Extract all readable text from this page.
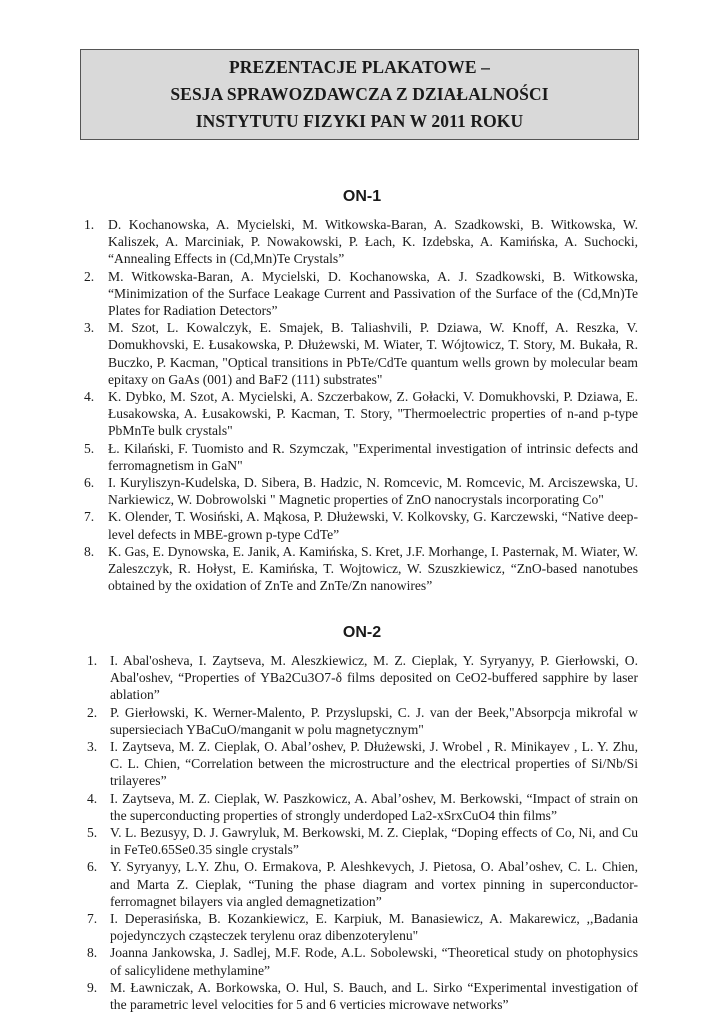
PREZENTACJE PLAKATOWE –
SESJA SPRAWOZDAWCZA Z DZIAŁALNOŚCI
INSTYTUTU FIZYKI PAN W 2011 ROKU
ON-1
1. D. Kochanowska, A. Mycielski, M. Witkowska-Baran, A. Szadkowski, B. Witkowska, W. Kaliszek, A. Marciniak, P. Nowakowski, P. Łach, K. Izdebska, A. Kamińska, A. Suchocki, “Annealing Effects in (Cd,Mn)Te Crystals”
2. M. Witkowska-Baran, A. Mycielski, D. Kochanowska, A. J. Szadkowski, B. Witkowska, “Minimization of the Surface Leakage Current and Passivation of the Surface of the (Cd,Mn)Te Plates for Radiation Detectors”
3. M. Szot, L. Kowalczyk, E. Smajek, B. Taliashvili, P. Dziawa, W. Knoff, A. Reszka, V. Domukhovski, E. Łusakowska, P. Dłużewski, M. Wiater, T. Wójtowicz, T. Story, M. Bukała, R. Buczko, P. Kacman, "Optical transitions in PbTe/CdTe quantum wells grown by molecular beam epitaxy on GaAs (001) and BaF2 (111) substrates"
4. K. Dybko, M. Szot, A. Mycielski, A. Szczerbakow, Z. Gołacki, V. Domukhovski, P. Dziawa, E. Łusakowska, A. Łusakowski, P. Kacman, T. Story, "Thermoelectric properties of n-and p-type PbMnTe bulk crystals"
5. Ł. Kilański, F. Tuomisto and R. Szymczak, "Experimental investigation of intrinsic defects and ferromagnetism in GaN"
6. I. Kuryliszyn-Kudelska, D. Sibera, B. Hadzic, N. Romcevic, M. Romcevic, M. Arciszewska, U. Narkiewicz, W. Dobrowolski " Magnetic properties of ZnO nanocrystals incorporating Co"
7. K. Olender, T. Wosiński, A. Mąkosa, P. Dłużewski, V. Kolkovsky, G. Karczewski, “Native deep-level defects in MBE-grown p-type CdTe”
8. K. Gas, E. Dynowska, E. Janik, A. Kamińska, S. Kret, J.F. Morhange, I. Pasternak, M. Wiater, W. Zaleszczyk, R. Hołyst, E. Kamińska, T. Wojtowicz, W. Szuszkiewicz, “ZnO-based nanotubes obtained by the oxidation of ZnTe and ZnTe/Zn nanowires”
ON-2
1. I. Abal'osheva, I. Zaytseva, M. Aleszkiewicz, M. Z. Cieplak, Y. Syryanyy, P. Gierłowski, O. Abal'oshev, “Properties of YBa2Cu3O7-δ films deposited on CeO2-buffered sapphire by laser ablation”
2. P. Gierłowski, K. Werner-Malento, P. Przyslupski, C. J. van der Beek,"Absorpcja mikrofal w supersieciach YBaCuO/manganit w polu magnetycznym"
3. I. Zaytseva, M. Z. Cieplak, O. Abal’oshev, P. Dłużewski, J. Wrobel , R. Minikayev , L. Y. Zhu, C. L. Chien, “Correlation between the microstructure and the electrical properties of Si/Nb/Si trilayeres”
4. I. Zaytseva, M. Z. Cieplak, W. Paszkowicz, A. Abal’oshev, M. Berkowski, “Impact of strain on the superconducting properties of strongly underdoped La2-xSrxCuO4 thin films”
5. V. L. Bezusyy, D. J. Gawryluk, M. Berkowski, M. Z. Cieplak, “Doping effects of Co, Ni, and Cu in FeTe0.65Se0.35 single crystals”
6. Y. Syryanyy, L.Y. Zhu, O. Ermakova, P. Aleshkevych, J. Pietosa, O. Abal’oshev, C. L. Chien, and Marta Z. Cieplak, “Tuning the phase diagram and vortex pinning in superconductor-ferromagnet bilayers via angled demagnetization”
7. I. Deperasińska, B. Kozankiewicz, E. Karpiuk, M. Banasiewicz, A. Makarewicz, ,,Badania pojedynczych cząsteczek terylenu oraz dibenzoterylenu"
8. Joanna Jankowska, J. Sadlej, M.F. Rode, A.L. Sobolewski, “Theoretical study on photophysics of salicylidene methylamine”
9. M. Ławniczak, A. Borkowska, O. Hul, S. Bauch, and L. Sirko “Experimental investigation of the parametric level velocities for 5 and 6 verticies microwave networks”
